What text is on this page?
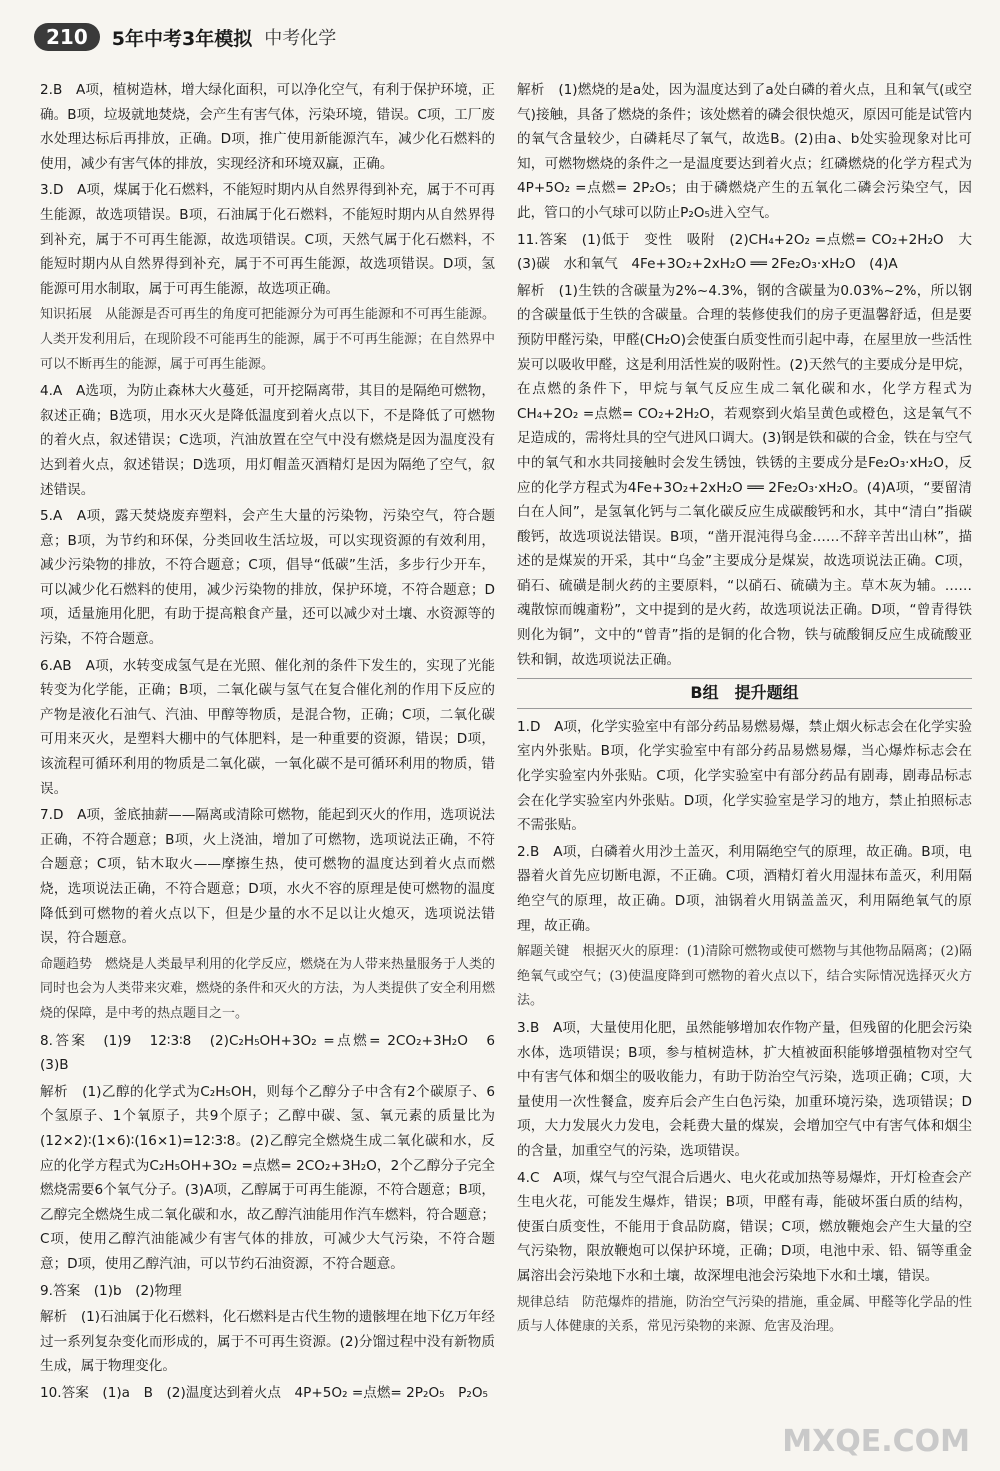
210	5年中考3年模拟 中考化学

2.B　A项，植树造林，增大绿化面积，可以净化空气，有利于保护环境，正确。B项，垃圾就地焚烧，会产生有害气体，污染环境，错误。C项，工厂废水处理达标后再排放，正确。D项，推广使用新能源汽车，减少化石燃料的使用，减少有害气体的排放，实现经济和环境双赢，正确。

3.D　A项，煤属于化石燃料，不能短时期内从自然界得到补充，属于不可再生能源，故选项错误。B项，石油属于化石燃料，不能短时期内从自然界得到补充，属于不可再生能源，故选项错误。C项，天然气属于化石燃料，不能短时期内从自然界得到补充，属于不可再生能源，故选项错误。D项，氢能源可用水制取，属于可再生能源，故选项正确。

知识拓展　从能源是否可再生的角度可把能源分为可再生能源和不可再生能源。人类开发利用后，在现阶段不可能再生的能源，属于不可再生能源；在自然界中可以不断再生的能源，属于可再生能源。

4.A　A选项，为防止森林大火蔓延，可开挖隔离带，其目的是隔绝可燃物，叙述正确；B选项，用水灭火是降低温度到着火点以下，不是降低了可燃物的着火点，叙述错误；C选项，汽油放置在空气中没有燃烧是因为温度没有达到着火点，叙述错误；D选项，用灯帽盖灭酒精灯是因为隔绝了空气，叙述错误。

5.A　A项，露天焚烧废弃塑料，会产生大量的污染物，污染空气，符合题意；B项，为节约和环保，分类回收生活垃圾，可以实现资源的有效利用，减少污染物的排放，不符合题意；C项，倡导“低碳”生活，多步行少开车，可以减少化石燃料的使用，减少污染物的排放，保护环境，不符合题意；D项，适量施用化肥，有助于提高粮食产量，还可以减少对土壤、水资源等的污染，不符合题意。

6.AB　A项，水转变成氢气是在光照、催化剂的条件下发生的，实现了光能转变为化学能，正确；B项，二氧化碳与氢气在复合催化剂的作用下反应的产物是液化石油气、汽油、甲醇等物质，是混合物，正确；C项，二氧化碳可用来灭火，是塑料大棚中的气体肥料，是一种重要的资源，错误；D项，该流程可循环利用的物质是二氧化碳，一氧化碳不是可循环利用的物质，错误。

7.D　A项，釜底抽薪——隔离或清除可燃物，能起到灭火的作用，选项说法正确，不符合题意；B项，火上浇油，增加了可燃物，选项说法正确，不符合题意；C项，钻木取火——摩擦生热，使可燃物的温度达到着火点而燃烧，选项说法正确，不符合题意；D项，水火不容的原理是使可燃物的温度降低到可燃物的着火点以下，但是少量的水不足以让火熄灭，选项说法错误，符合题意。

命题趋势　燃烧是人类最早利用的化学反应，燃烧在为人带来热量服务于人类的同时也会为人类带来灾难，燃烧的条件和灭火的方法，为人类提供了安全利用燃烧的保障，是中考的热点题目之一。

8.答案　(1)9　12∶3∶8　(2)C₂H₅OH+3O₂ =点燃= 2CO₂+3H₂O　6　(3)B

解析　(1)乙醇的化学式为C₂H₅OH，则每个乙醇分子中含有2个碳原子、6个氢原子、1个氧原子，共9个原子；乙醇中碳、氢、氧元素的质量比为(12×2)∶(1×6)∶(16×1)=12∶3∶8。(2)乙醇完全燃烧生成二氧化碳和水，反应的化学方程式为C₂H₅OH+3O₂ =点燃= 2CO₂+3H₂O，2个乙醇分子完全燃烧需要6个氧气分子。(3)A项，乙醇属于可再生能源，不符合题意；B项，乙醇完全燃烧生成二氧化碳和水，故乙醇汽油能用作汽车燃料，符合题意；C项，使用乙醇汽油能减少有害气体的排放，可减少大气污染，不符合题意；D项，使用乙醇汽油，可以节约石油资源，不符合题意。

9.答案　(1)b　(2)物理

解析　(1)石油属于化石燃料，化石燃料是古代生物的遗骸埋在地下亿万年经过一系列复杂变化而形成的，属于不可再生资源。(2)分馏过程中没有新物质生成，属于物理变化。

10.答案　(1)a　B　(2)温度达到着火点　4P+5O₂ =点燃= 2P₂O₅　P₂O₅

解析　(1)燃烧的是a处，因为温度达到了a处白磷的着火点，且和氧气(或空气)接触，具备了燃烧的条件；该处燃着的磷会很快熄灭，原因可能是试管内的氧气含量较少，白磷耗尽了氧气，故选B。(2)由a、b处实验现象对比可知，可燃物燃烧的条件之一是温度要达到着火点；红磷燃烧的化学方程式为4P+5O₂ =点燃= 2P₂O₅；由于磷燃烧产生的五氧化二磷会污染空气，因此，管口的小气球可以防止P₂O₅进入空气。

11.答案　(1)低于　变性　吸附　(2)CH₄+2O₂ =点燃= CO₂+2H₂O　大　(3)碳　水和氧气　4Fe+3O₂+2xH₂O ══ 2Fe₂O₃·xH₂O　(4)A

解析　(1)生铁的含碳量为2%~4.3%，钢的含碳量为0.03%~2%，所以钢的含碳量低于生铁的含碳量。合理的装修使我们的房子更温馨舒适，但是要预防甲醛污染，甲醛(CH₂O)会使蛋白质变性而引起中毒，在屋里放一些活性炭可以吸收甲醛，这是利用活性炭的吸附性。(2)天然气的主要成分是甲烷，在点燃的条件下，甲烷与氧气反应生成二氧化碳和水，化学方程式为CH₄+2O₂ =点燃= CO₂+2H₂O，若观察到火焰呈黄色或橙色，这是氧气不足造成的，需将灶具的空气进风口调大。(3)钢是铁和碳的合金，铁在与空气中的氧气和水共同接触时会发生锈蚀，铁锈的主要成分是Fe₂O₃·xH₂O，反应的化学方程式为4Fe+3O₂+2xH₂O ══ 2Fe₂O₃·xH₂O。(4)A项，“要留清白在人间”，是氢氧化钙与二氧化碳反应生成碳酸钙和水，其中“清白”指碳酸钙，故选项说法错误。B项，“凿开混沌得乌金……不辞辛苦出山林”，描述的是煤炭的开采，其中“乌金”主要成分是煤炭，故选项说法正确。C项，硝石、硫磺是制火药的主要原料，“以硝石、硫磺为主。草木灰为辅。……魂散惊而魄齑粉”，文中提到的是火药，故选项说法正确。D项，“曾青得铁则化为铜”，文中的“曾青”指的是铜的化合物，铁与硫酸铜反应生成硫酸亚铁和铜，故选项说法正确。

B组　提升题组

1.D　A项，化学实验室中有部分药品易燃易爆，禁止烟火标志会在化学实验室内外张贴。B项，化学实验室中有部分药品易燃易爆，当心爆炸标志会在化学实验室内外张贴。C项，化学实验室中有部分药品有剧毒，剧毒品标志会在化学实验室内外张贴。D项，化学实验室是学习的地方，禁止拍照标志不需张贴。

2.B　A项，白磷着火用沙土盖灭，利用隔绝空气的原理，故正确。B项，电器着火首先应切断电源，不正确。C项，酒精灯着火用湿抹布盖灭，利用隔绝空气的原理，故正确。D项，油锅着火用锅盖盖灭，利用隔绝氧气的原理，故正确。

解题关键　根据灭火的原理：(1)清除可燃物或使可燃物与其他物品隔离；(2)隔绝氧气或空气；(3)使温度降到可燃物的着火点以下，结合实际情况选择灭火方法。

3.B　A项，大量使用化肥，虽然能够增加农作物产量，但残留的化肥会污染水体，选项错误；B项，参与植树造林，扩大植被面积能够增强植物对空气中有害气体和烟尘的吸收能力，有助于防治空气污染，选项正确；C项，大量使用一次性餐盒，废弃后会产生白色污染，加重环境污染，选项错误；D项，大力发展火力发电，会耗费大量的煤炭，会增加空气中有害气体和烟尘的含量，加重空气的污染，选项错误。

4.C　A项，煤气与空气混合后遇火、电火花或加热等易爆炸，开灯检查会产生电火花，可能发生爆炸，错误；B项，甲醛有毒，能破坏蛋白质的结构，使蛋白质变性，不能用于食品防腐，错误；C项，燃放鞭炮会产生大量的空气污染物，限放鞭炮可以保护环境，正确；D项，电池中汞、铅、镉等重金属溶出会污染地下水和土壤，故深埋电池会污染地下水和土壤，错误。

规律总结　防范爆炸的措施，防治空气污染的措施，重金属、甲醛等化学品的性质与人体健康的关系，常见污染物的来源、危害及治理。

MXQE.COM
